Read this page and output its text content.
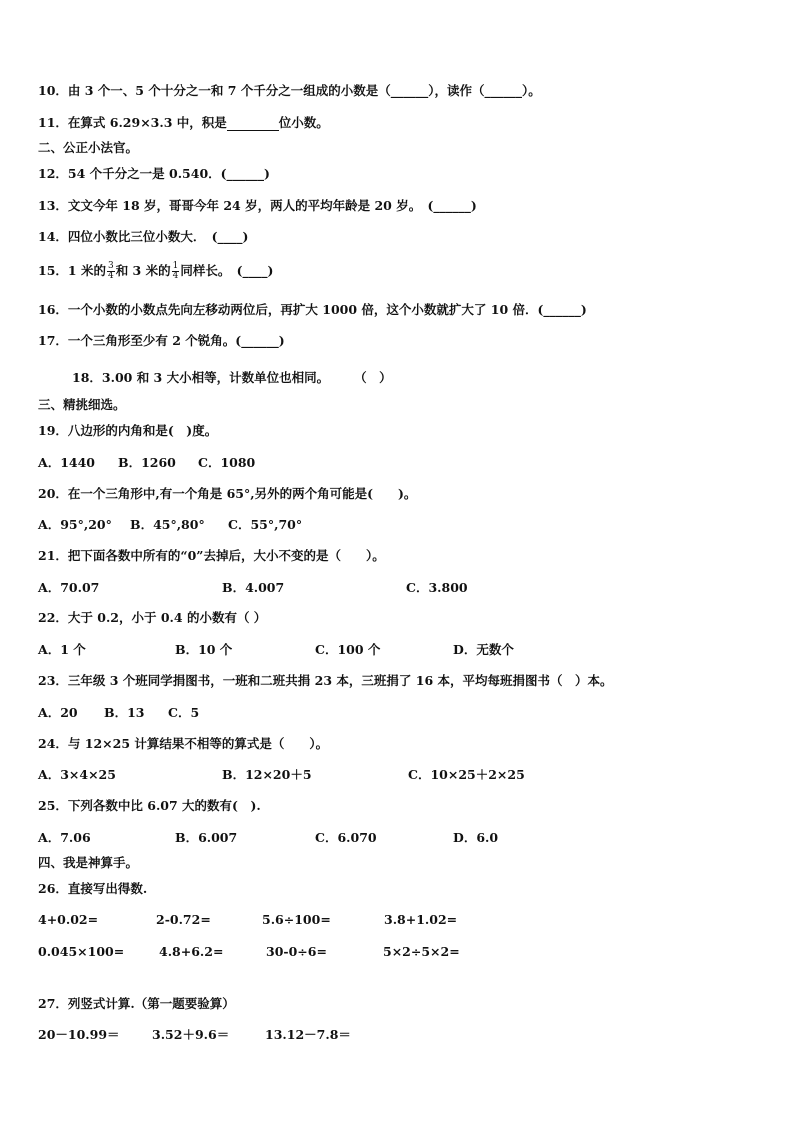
10．由 3 个一、5 个十分之一和 7 个千分之一组成的小数是（______），读作（______）。
11．在算式 6.29×3.3 中，积是	位小数。
二、公正小法官。
12．54 个千分之一是 0.540．(______)
13．文文今年 18 岁，哥哥今年 24 岁，两人的平均年龄是 20 岁。　(______)
14．四位小数比三位小数大．　(____)
15．1 米的 $\frac{3}{4}$ 和 3 米的 $\frac{1}{4}$ 同样长。　(____)
16．一个小数的小数点先向左移动两位后，再扩大 1000 倍，这个小数就扩大了 10 倍．(______)
17．一个三角形至少有 2 个锐角。(______)
18．3.00 和 3 大小相等，计数单位也相同。　　　（　）
三、精挑细选。
19．八边形的内角和是(　)度。
A．1440 B．1260 C．1080
20．在一个三角形中,有一个角是 65°,另外的两个角可能是(　　)。
A．95°,20° B．45°,80° C．55°,70°
21．把下面各数中所有的“0”去掉后，大小不变的是（　　）。
A．70.07	B．4.007	C．3.800
22．大于 0.2，小于 0.4 的小数有（ ）
A．1 个	B．10 个	C．100 个	D．无数个
23．三年级 3 个班同学捐图书，一班和二班共捐 23 本，三班捐了 16 本，平均每班捐图书（　）本。
A．20 B．13 C．5
24．与 12×25 计算结果不相等的算式是（　　）。
A．3×4×25	B．12×20＋5	C．10×25＋2×25
25．下列各数中比 6.07 大的数有(　).
A．7.06	B．6.007	C．6.070	D．6.0
四、我是神算手。
26．直接写出得数.
4+0.02=	2-0.72=	5.6÷100=	3.8+1.02=
0.045×100=	4.8+6.2=	30-0÷6=	5×2÷5×2=
27．列竖式计算.（第一题要验算）
20－10.99＝	3.52＋9.6＝	13.12－7.8＝
